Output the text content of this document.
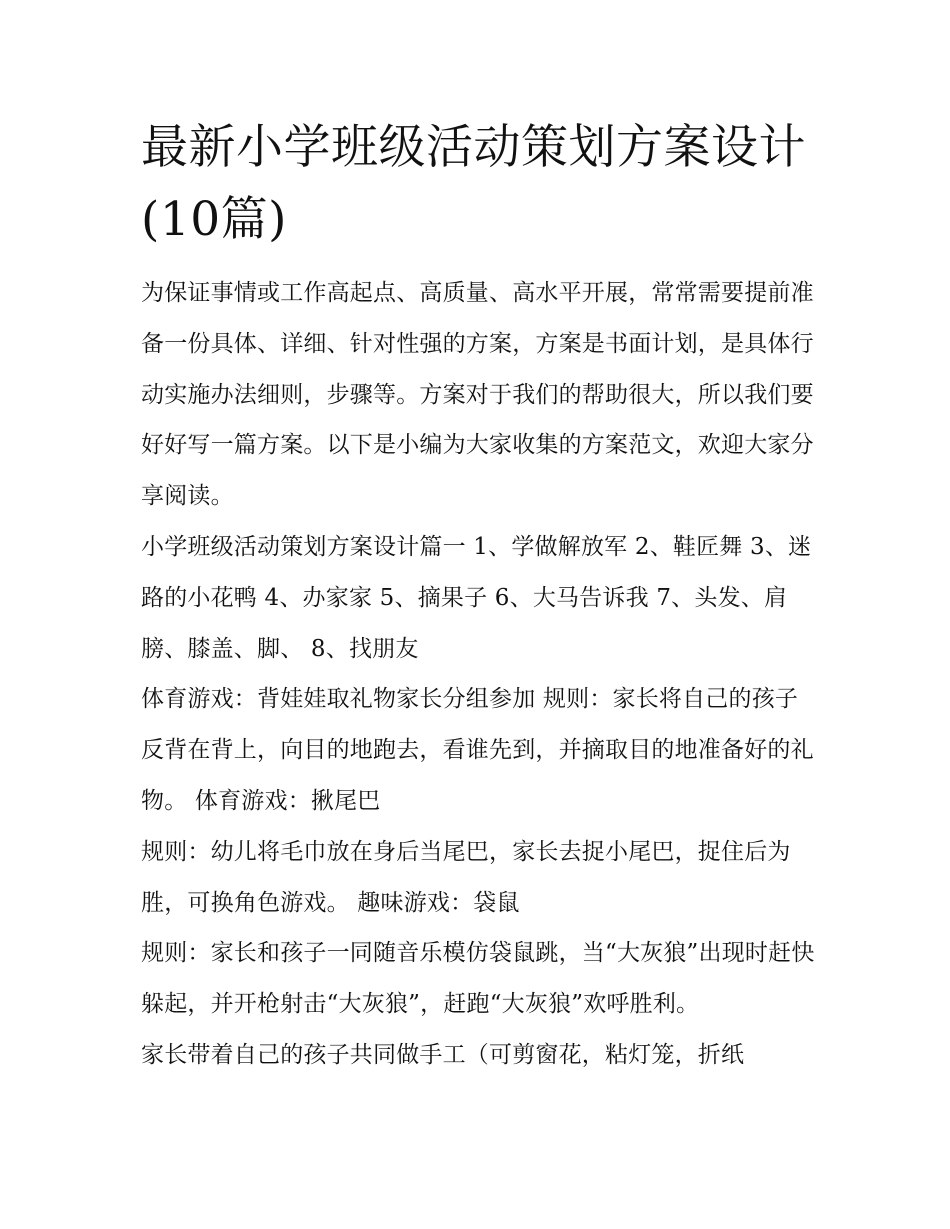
最新小学班级活动策划方案设计(10篇)

为保证事情或工作高起点、高质量、高水平开展，常常需要提前准备一份具体、详细、针对性强的方案，方案是书面计划，是具体行动实施办法细则，步骤等。方案对于我们的帮助很大，所以我们要好好写一篇方案。以下是小编为大家收集的方案范文，欢迎大家分享阅读。

小学班级活动策划方案设计篇一 1、学做解放军 2、鞋匠舞 3、迷路的小花鸭 4、办家家 5、摘果子 6、大马告诉我 7、头发、肩膀、膝盖、脚、 8、找朋友

体育游戏：背娃娃取礼物家长分组参加 规则：家长将自己的孩子反背在背上，向目的地跑去，看谁先到，并摘取目的地准备好的礼物。 体育游戏：揪尾巴

规则：幼儿将毛巾放在身后当尾巴，家长去捉小尾巴，捉住后为胜，可换角色游戏。 趣味游戏：袋鼠

规则：家长和孩子一同随音乐模仿袋鼠跳，当“大灰狼”出现时赶快躲起，并开枪射击“大灰狼”，赶跑“大灰狼”欢呼胜利。

家长带着自己的孩子共同做手工（可剪窗花，粘灯笼，折纸
